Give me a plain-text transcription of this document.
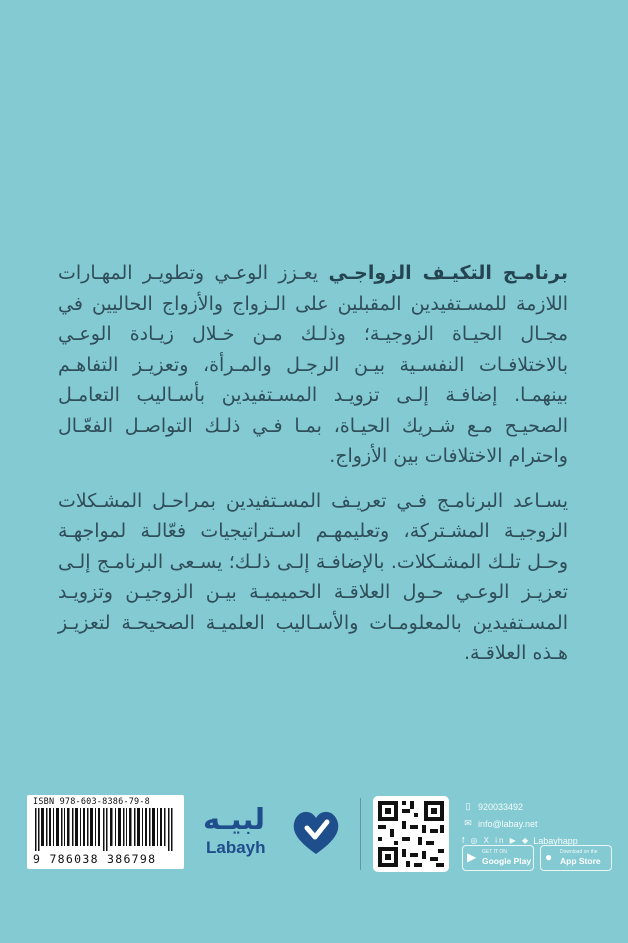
برنامـج التكيـف الزواجـي يعـزز الوعـي وتطويـر المهـارات اللازمة للمسـتفيدين المقبلين على الـزواج والأزواج الحاليين في مجـال الحيـاة الزوجيـة؛ وذلـك مـن خـلال زيـادة الوعـي بالاختلافـات النفسـية بيـن الرجـل والمـرأة، وتعزيـز التفاهـم بينهمـا. إضافـة إلـى تزويـد المسـتفيدين بأسـاليب التعامـل الصحيـح مـع شـريك الحيـاة، بمـا فـي ذلـك التواصـل الفعّـال واحترام الاختلافات بين الأزواج.

يسـاعد البرنامـج فـي تعريـف المسـتفيدين بمراحـل المشـكلات الزوجيـة المشـتركة، وتعليمهـم اسـتراتيجيات فعّالـة لمواجهـة وحـل تلـك المشـكلات. بالإضافـة إلـى ذلـك؛ يسـعى البرنامـج إلـى تعزيـز الوعـي حـول العلاقـة الحميميـة بيـن الزوجيـن وتزويـد المسـتفيدين بالمعلومـات والأسـاليب العلميـة الصحيحـة لتعزيـز هـذه العلاقـة.

ISBN 978-603-8386-79-8
9 786038 386798
لبيـه
Labayh
▯ 920033492
✉ info@labay.net
f ◎ X in ▶ ◆ Labayhapp
▶ GET IT ON
Google Play ● Download on the
App Store
